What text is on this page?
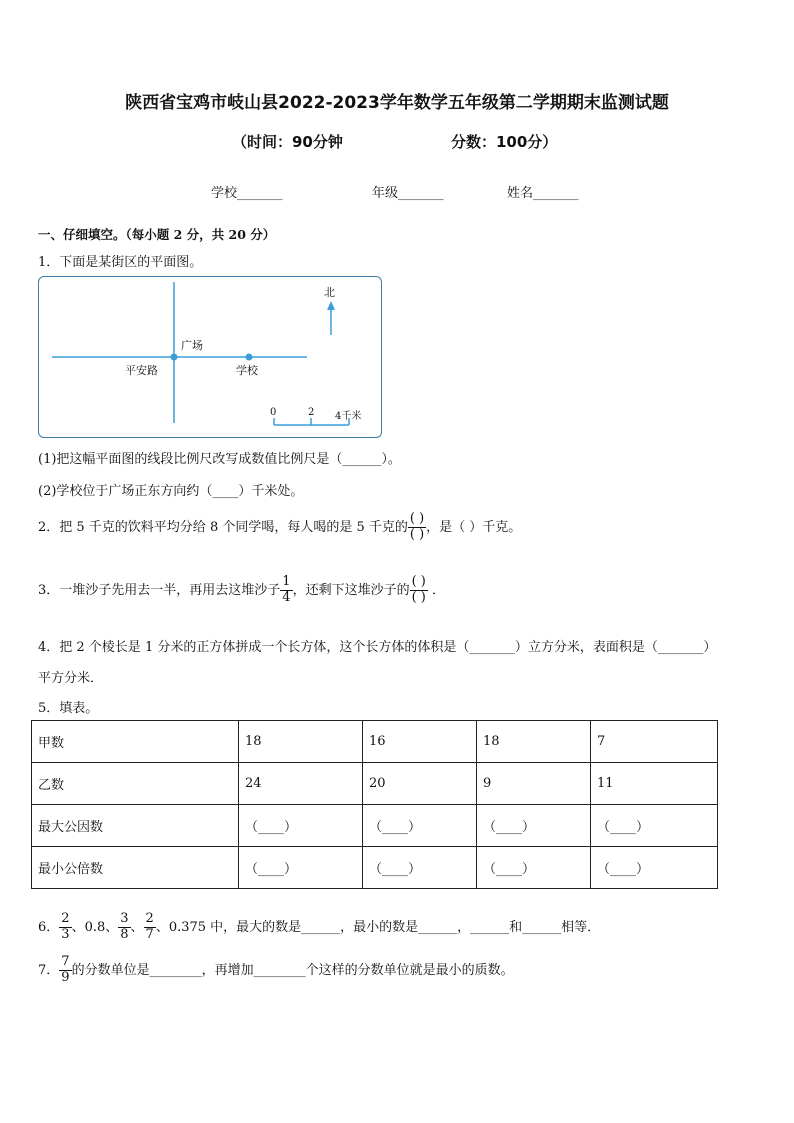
陕西省宝鸡市岐山县2022-2023学年数学五年级第二学期期末监测试题
（时间：90分钟	分数：100分）
学校_______	年级_______	姓名_______
一、仔细填空。（每小题 2 分，共 20 分）
1．下面是某街区的平面图。
北
广场
平安路	学校
0	2 4千米
(1)把这幅平面图的线段比例尺改写成数值比例尺是（______）。
(2)学校位于广场正东方向约（____）千米处。
2．把 5 千克的饮料平均分给 8 个同学喝，每人喝的是 5 千克的 $\frac{( )}{( )}$ ，是（ ）千克。
3．一堆沙子先用去一半，再用去这堆沙子 $\frac{1}{4}$ ，还剩下这堆沙子的 $\frac{( )}{( )}$ ．
4．把 2 个棱长是 1 分米的正方体拼成一个长方体，这个长方体的体积是（_______）立方分米，表面积是（_______）
平方分米．
5．填表。
甲数	18	16	18	7
乙数	24	20	9	11
最大公因数	（____）	（____）	（____）	（____）
最小公倍数	（____）	（____）	（____）	（____）
6． $\frac{2}{3}$ 、0.8、 $\frac{3}{8}$ 、 $\frac{2}{7}$ 、0.375 中，最大的数是______，最小的数是______，______和______相等．
7． $\frac{7}{9}$ 的分数单位是________，再增加________个这样的分数单位就是最小的质数。
